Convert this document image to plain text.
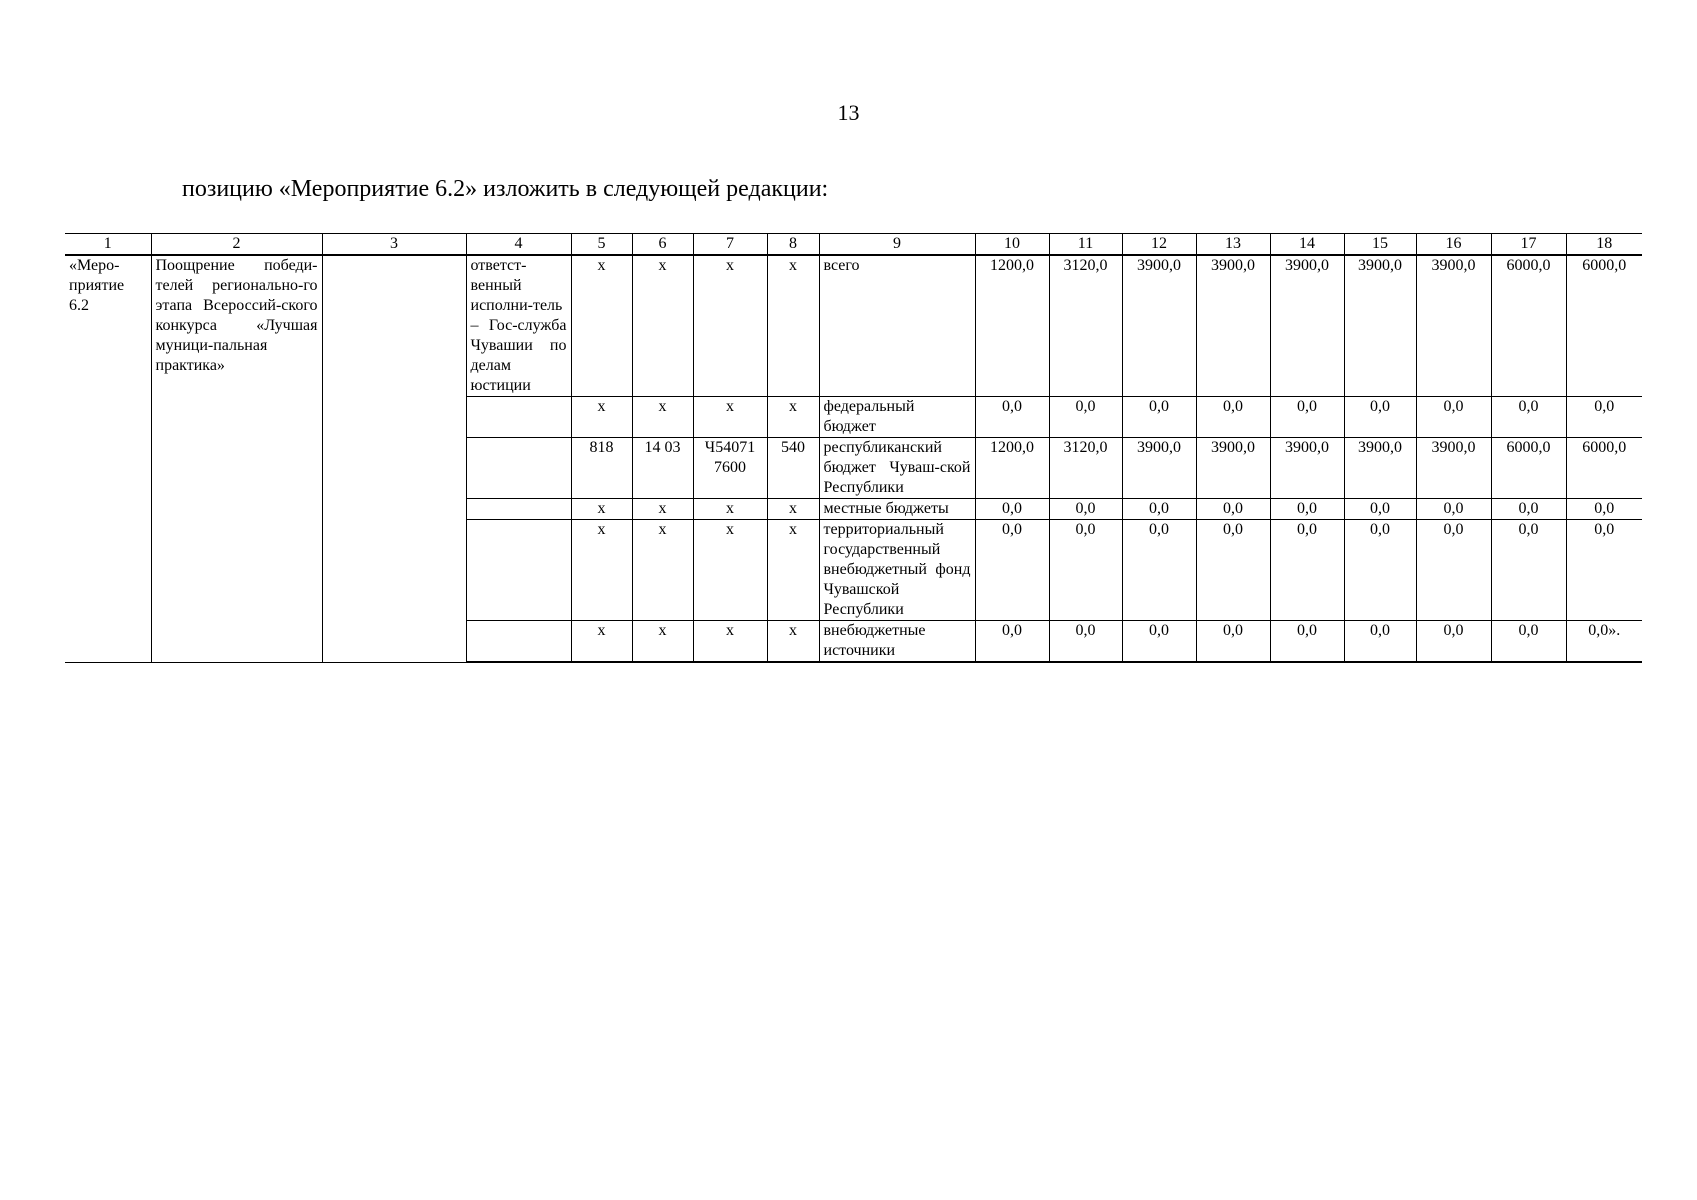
13
позицию «Мероприятие 6.2» изложить в следующей редакции:
1	2	3	4	5	6	7	8	9	10	11	12	13	14	15	16	17	18
«Меро-приятие 6.2	Поощрение победи-телей регионально-го этапа Всероссий-ского конкурса «Лучшая муници-пальная практика»		ответст-венный исполни-тель – Гос-служба Чувашии по делам юстиции	х	х	х	х	всего	1200,0	3120,0	3900,0	3900,0	3900,0	3900,0	3900,0	6000,0	6000,0
				х	х	х	х	федеральный бюджет	0,0	0,0	0,0	0,0	0,0	0,0	0,0	0,0	0,0
				818	14 03	Ч54071 7600	540	республиканский бюджет Чуваш-ской Республики	1200,0	3120,0	3900,0	3900,0	3900,0	3900,0	3900,0	6000,0	6000,0
				х	х	х	х	местные бюджеты	0,0	0,0	0,0	0,0	0,0	0,0	0,0	0,0	0,0
				х	х	х	х	территориальный государственный внебюджетный фонд Чувашской Республики	0,0	0,0	0,0	0,0	0,0	0,0	0,0	0,0	0,0
				х	х	х	х	внебюджетные источники	0,0	0,0	0,0	0,0	0,0	0,0	0,0	0,0	0,0».
